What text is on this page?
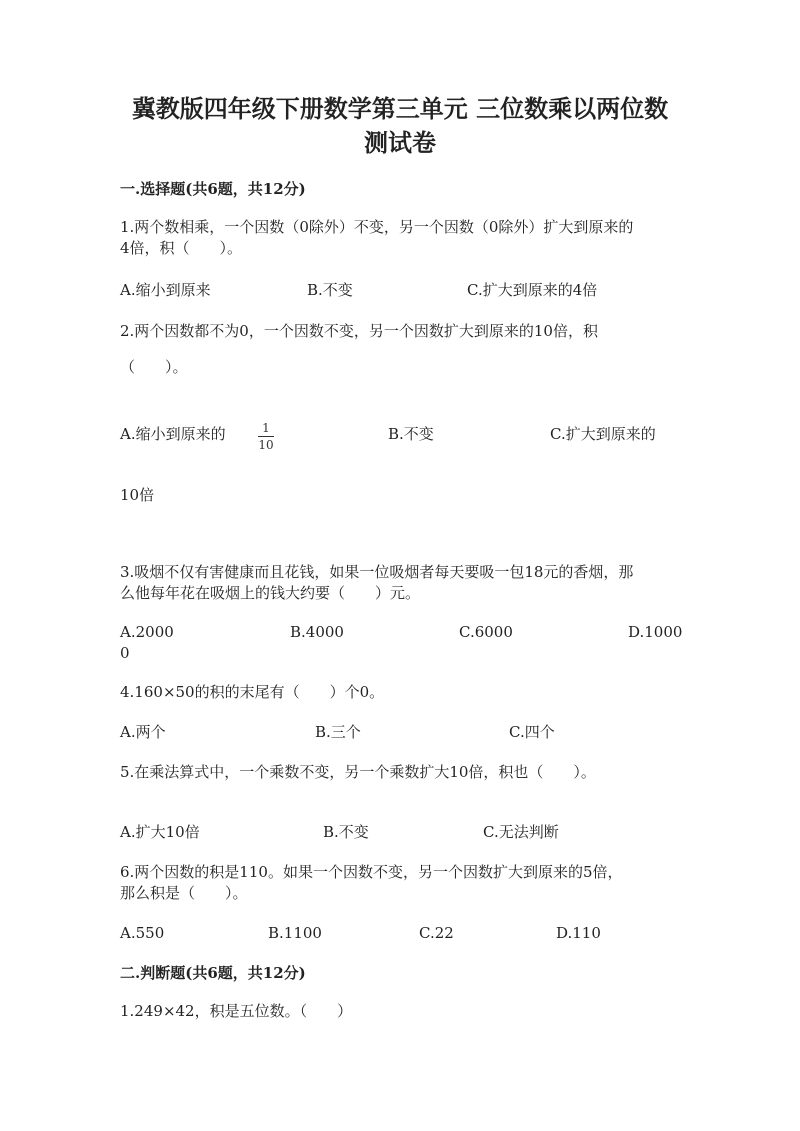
冀教版四年级下册数学第三单元 三位数乘以两位数
测试卷
一.选择题(共6题，共12分)
1.两个数相乘，一个因数（0除外）不变，另一个因数（0除外）扩大到原来的
4倍，积（　　）。
A.缩小到原来	B.不变	C.扩大到原来的4倍
2.两个因数都不为0，一个因数不变，另一个因数扩大到原来的10倍，积
（　　）。
A.缩小到原来的	1
10
B.不变	C.扩大到原来的
10倍
3.吸烟不仅有害健康而且花钱，如果一位吸烟者每天要吸一包18元的香烟，那
么他每年花在吸烟上的钱大约要（　　）元。
A.2000	B.4000	C.6000	D.1000
0
4.160×50的积的末尾有（　　）个0。
A.两个	B.三个	C.四个
5.在乘法算式中，一个乘数不变，另一个乘数扩大10倍，积也（　　）。
A.扩大10倍	B.不变	C.无法判断
6.两个因数的积是110。如果一个因数不变，另一个因数扩大到原来的5倍，
那么积是（　　）。
A.550	B.1100	C.22	D.110
二.判断题(共6题，共12分)
1.249×42，积是五位数。（　　）
